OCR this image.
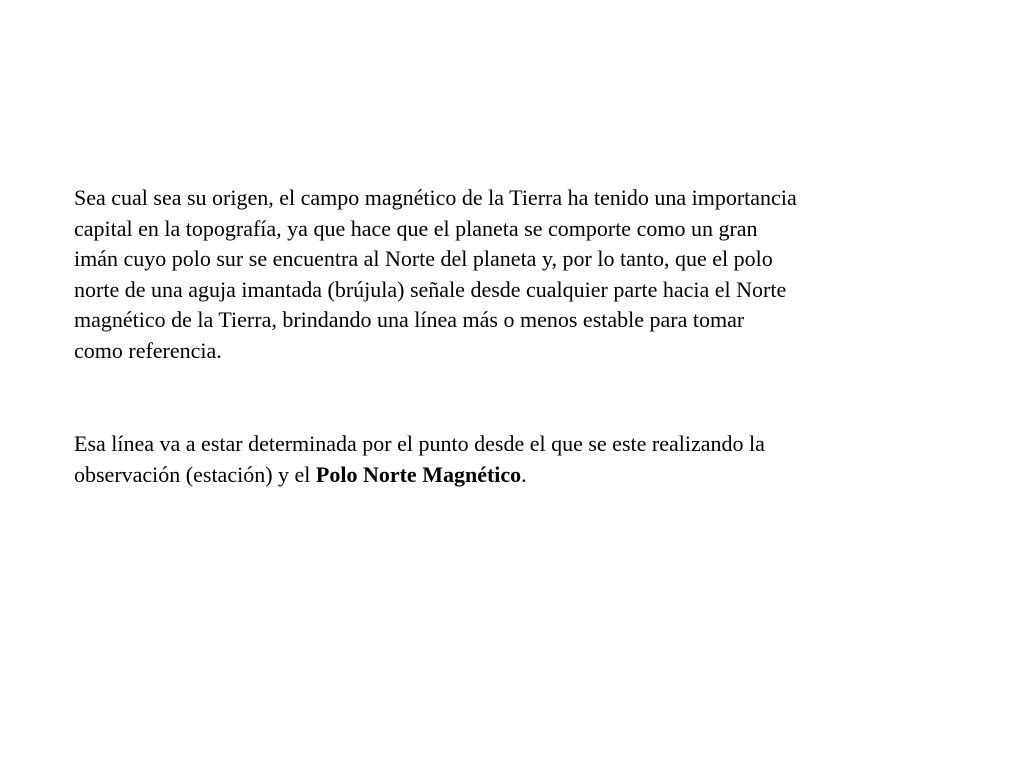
Sea cual sea su origen, el campo magnético de la Tierra ha tenido una importancia
capital en la topografía, ya que hace que el planeta se comporte como un gran
imán cuyo polo sur se encuentra al Norte del planeta y, por lo tanto, que el polo
norte de una aguja imantada (brújula) señale desde cualquier parte hacia el Norte
magnético de la Tierra, brindando una línea más o menos estable para tomar
como referencia.

Esa línea va a estar determinada por el punto desde el que se este realizando la
observación (estación) y el Polo Norte Magnético.
